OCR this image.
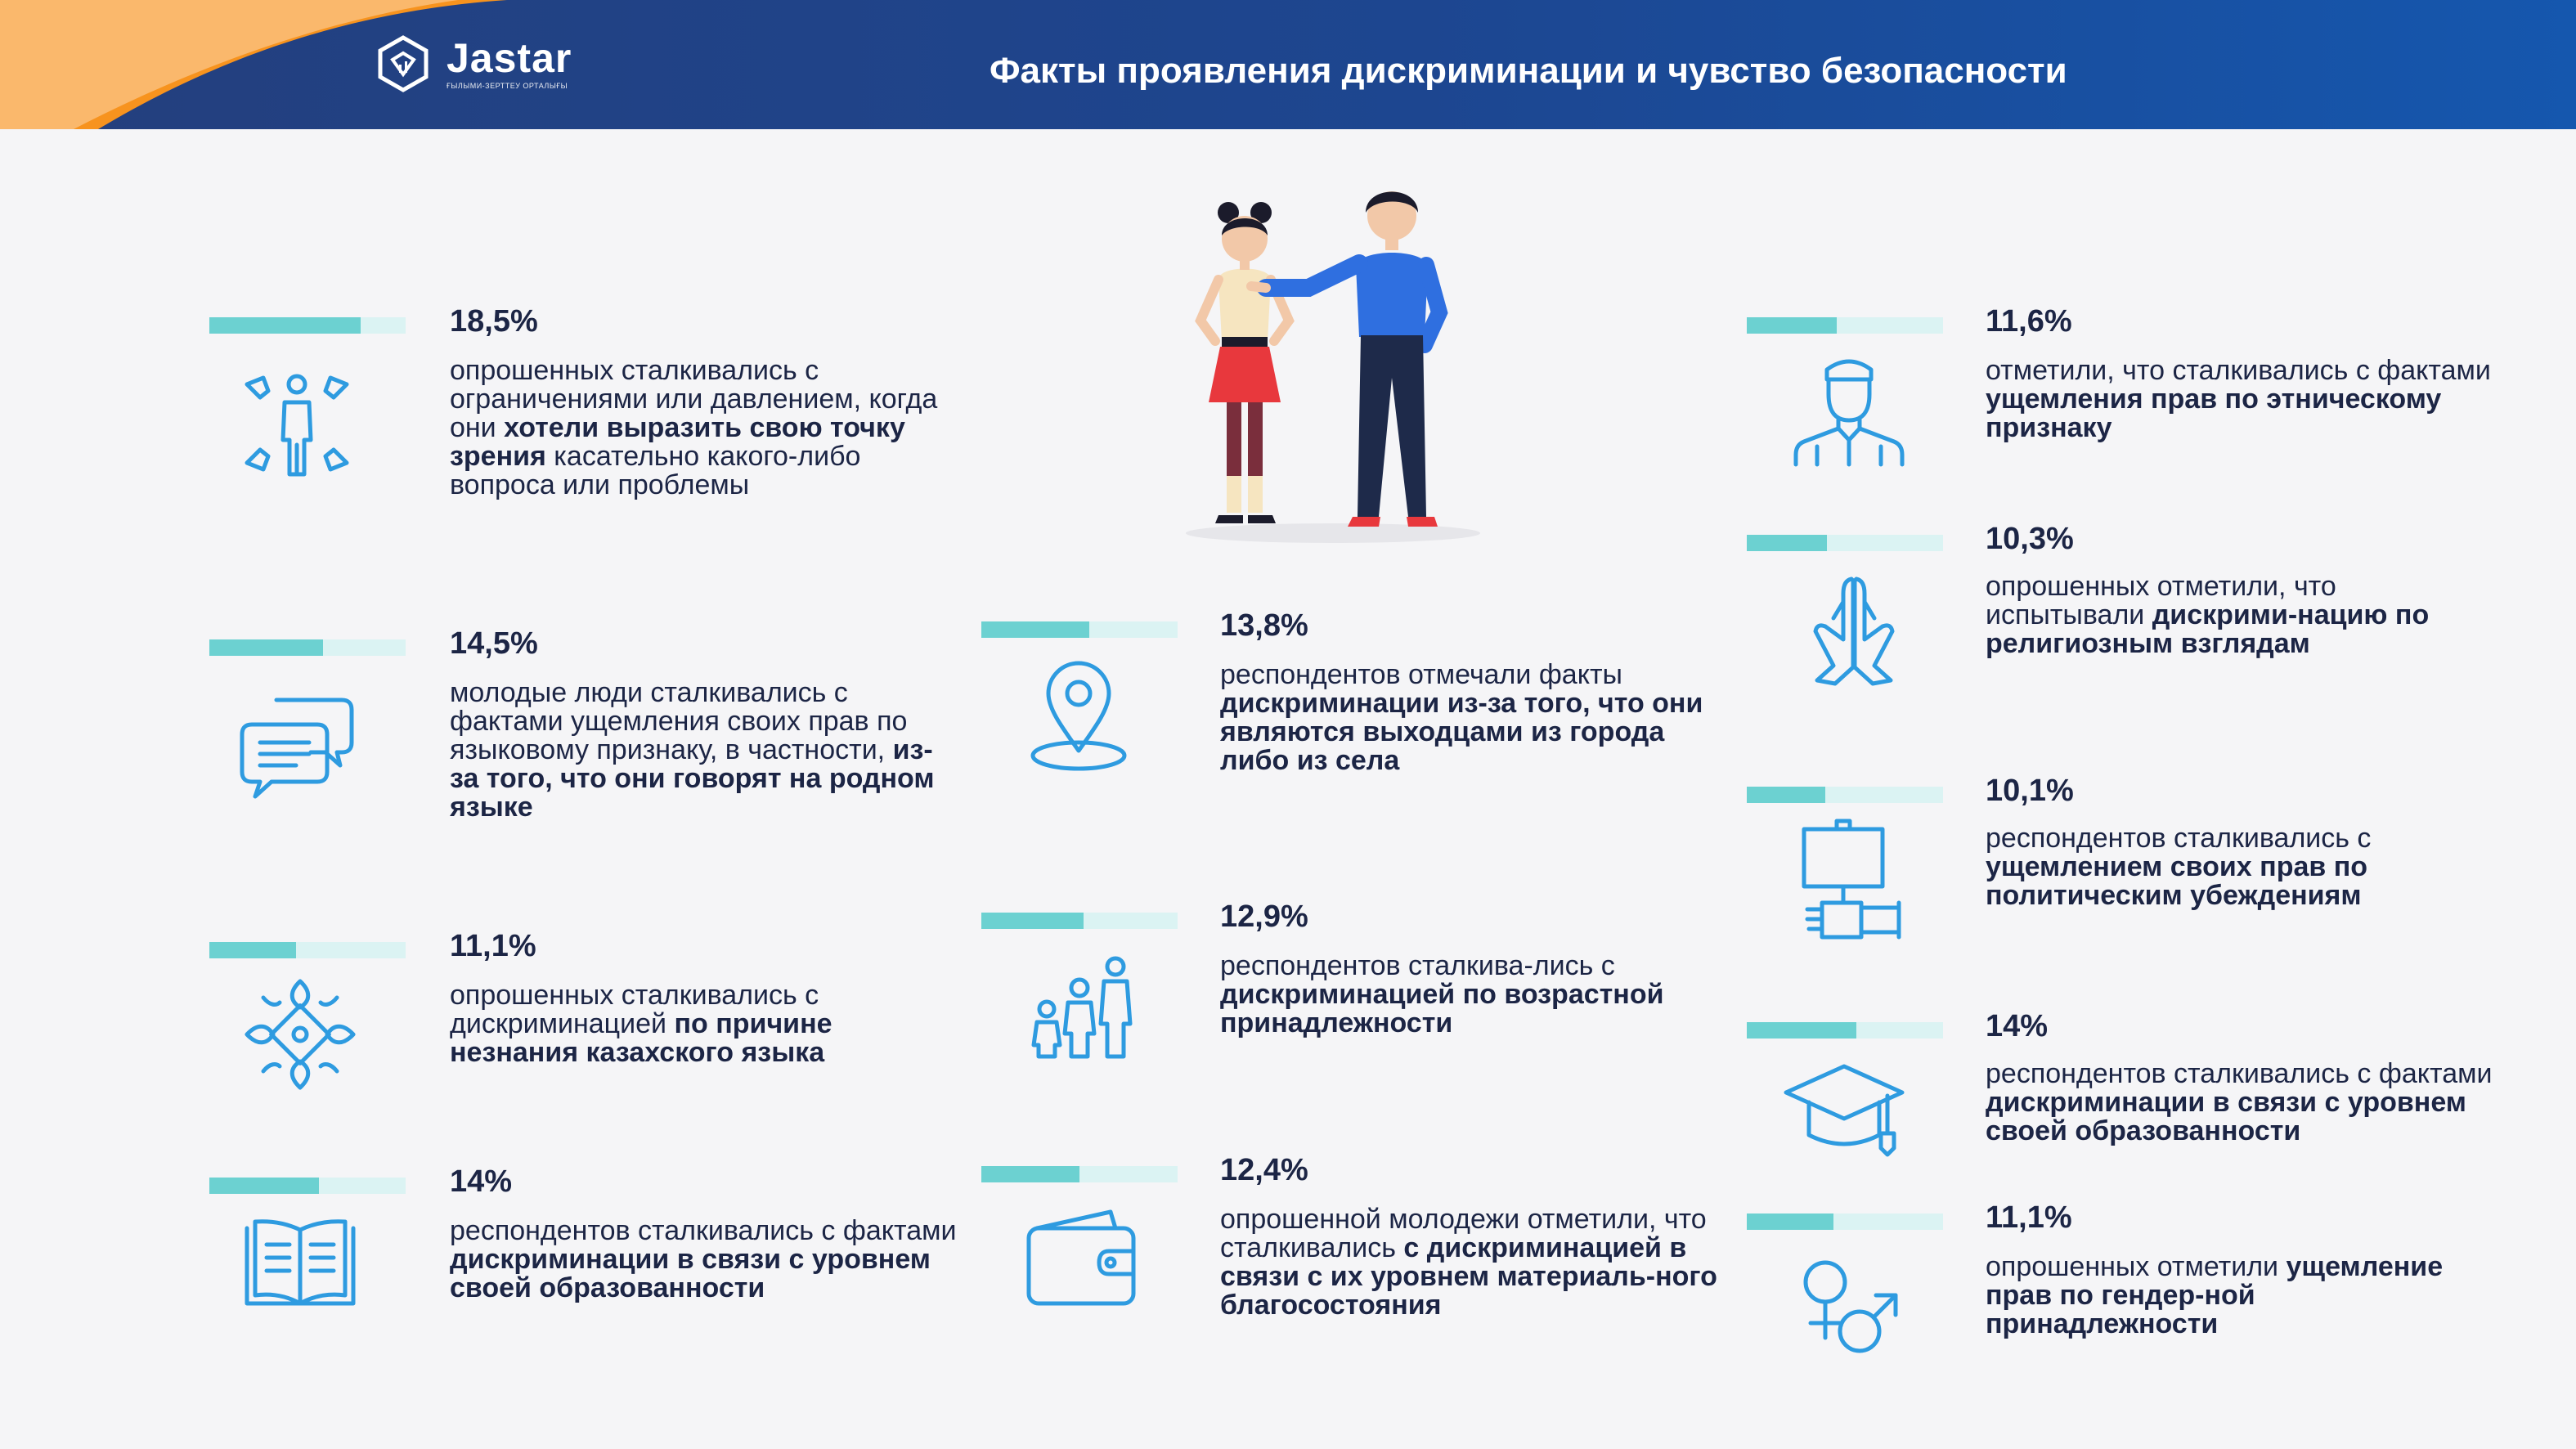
Jastar
ҒЫЛЫМИ-ЗЕРТТЕУ ОРТАЛЫҒЫ	Факты проявления дискриминации и чувство безопасности
18,5%
опрошенных сталкивались с ограничениями или давлением, когда они хотели выразить свою точку зрения касательно какого-либо вопроса или проблемы
14,5%
молодые люди сталкивались с фактами ущемления своих прав по языковому признаку, в частности, из-за того, что они говорят на родном языке
11,1%
опрошенных сталкивались с дискриминацией по причине незнания казахского языка
14%
респондентов сталкивались с фактами дискриминации в связи с уровнем своей образованности
13,8%
респондентов отмечали факты дискриминации из-за того, что они являются выходцами из города либо из села
12,9%
респондентов сталкива-лись с дискриминацией по возрастной принадлежности
12,4%
опрошенной молодежи отметили, что сталкивались с дискриминацией в связи с их уровнем материаль-ного благосостояния
11,6%
отметили, что сталкивались с фактами ущемления прав по этническому признаку
10,3%
опрошенных отметили, что испытывали дискрими-нацию по религиозным взглядам
10,1%
респондентов сталкивались с ущемлением своих прав по политическим убеждениям
14%
респондентов сталкивались с фактами дискриминации в связи с уровнем своей образованности
11,1%
опрошенных отметили ущемление прав по гендер-ной принадлежности
